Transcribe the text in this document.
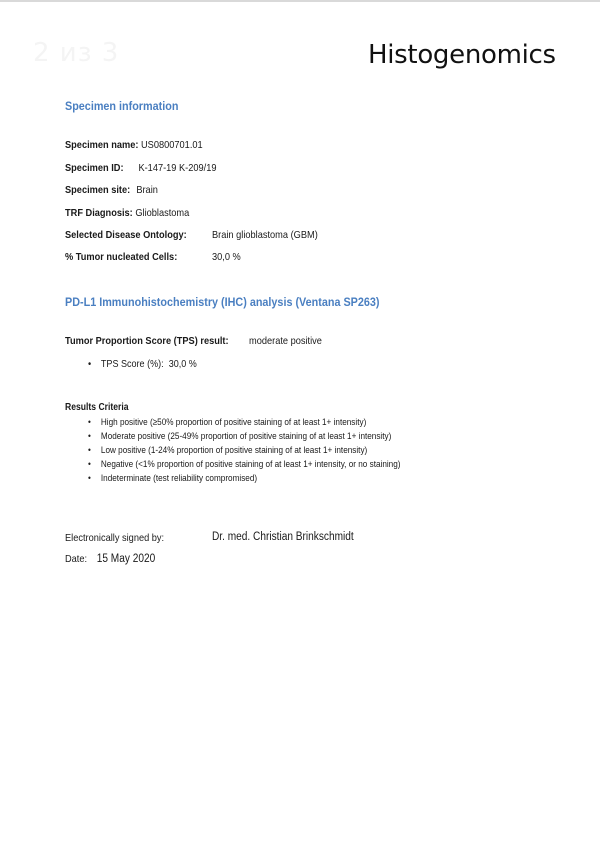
2 из 3	Histogenomics
Specimen information
Specimen name: US0800701.01
Specimen ID: K-147-19 K-209/19
Specimen site: Brain
TRF Diagnosis: Glioblastoma
Selected Disease Ontology: Brain glioblastoma (GBM)
% Tumor nucleated Cells:	30,0 %
PD-L1 Immunohistochemistry (IHC) analysis (Ventana SP263)
Tumor Proportion Score (TPS) result: moderate positive
• TPS Score (%): 30,0 %
Results Criteria
• High positive (≥50% proportion of positive staining of at least 1+ intensity)
• Moderate positive (25-49% proportion of positive staining of at least 1+ intensity)
• Low positive (1-24% proportion of positive staining of at least 1+ intensity)
• Negative (<1% proportion of positive staining of at least 1+ intensity, or no staining)
• Indeterminate (test reliability compromised)
Electronically signed by:	Dr. med. Christian Brinkschmidt
Date: 15 May 2020
